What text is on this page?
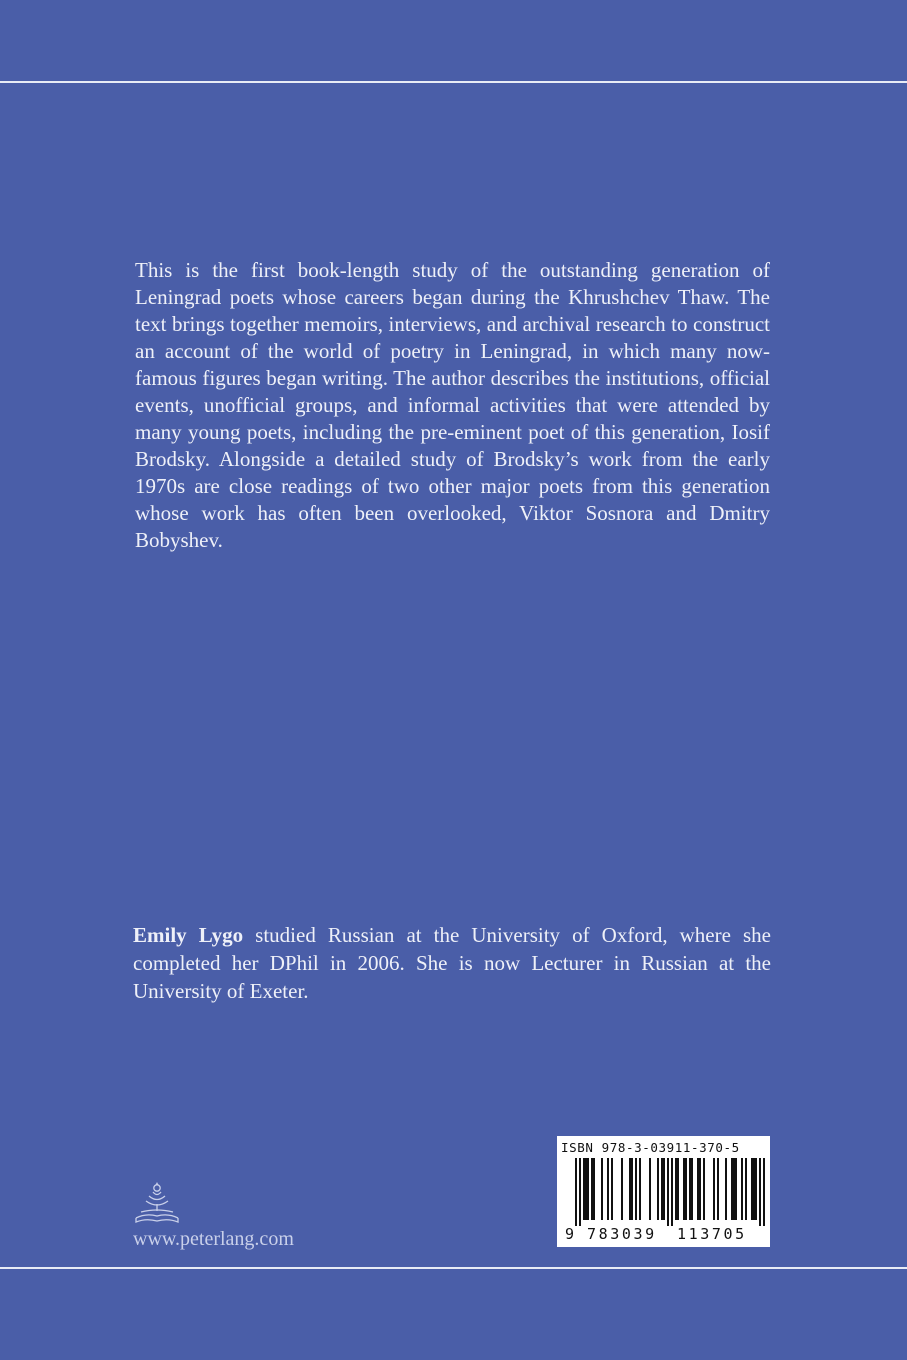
This is the first book-length study of the outstanding generation of Leningrad poets whose careers began during the Khrushchev Thaw. The text brings together memoirs, interviews, and archival research to construct an account of the world of poetry in Leningrad, in which many now-famous figures began writing. The author describes the institutions, official events, unofficial groups, and informal activities that were attended by many young poets, including the pre-eminent poet of this generation, Iosif Brodsky. Alongside a detailed study of Brodsky’s work from the early 1970s are close readings of two other major poets from this generation whose work has often been overlooked, Viktor Sosnora and Dmitry Bobyshev.

Emily Lygo studied Russian at the University of Oxford, where she completed her DPhil in 2006. She is now Lecturer in Russian at the University of Exeter.

www.peterlang.com

ISBN 978-3-03911-370-5

9 783039 113705
